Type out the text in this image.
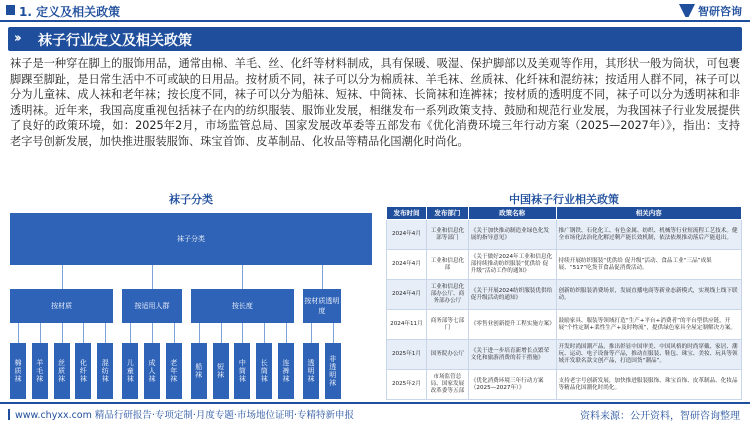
1. 定义及相关政策	智研咨询
›› 袜子行业定义及相关政策
袜子是一种穿在脚上的服饰用品，通常由棉、羊毛、丝、化纤等材料制成，具有保暖、吸湿、保护脚部以及美观等作用，其形状一般为筒状，可包裹脚踝至脚趾，是日常生活中不可或缺的日用品。按材质不同，袜子可以分为棉质袜、羊毛袜、丝质袜、化纤袜和混纺袜；按适用人群不同，袜子可以分为儿童袜、成人袜和老年袜；按长度不同，袜子可以分为船袜、短袜、中筒袜、长筒袜和连裤袜；按材质的透明度不同，袜子可以分为透明袜和非透明袜。近年来，我国高度重视包括袜子在内的纺织服装、服饰业发展，相继发布一系列政策支持、鼓励和规范行业发展，为我国袜子行业发展提供了良好的政策环境，如：2025年2月，市场监管总局、国家发展改革委等五部发布《优化消费环境三年行动方案（2025—2027年）》，指出：支持老字号创新发展，加快推进服装服饰、珠宝首饰、皮革制品、化妆品等精品化国潮化时尚化。
袜子分类	中国袜子行业相关政策
袜子分类
按材质
棉质袜	羊毛袜	丝质袜	化纤袜	混纺袜
按适用人群
儿童袜	成人袜	老年袜
按长度
船袜	短袜	中筒袜	长筒袜	连裤袜
按材质透明度
透明袜	非透明袜
发布时间	发布部门	政策名称	相关内容
2024年4月	工业和信息化部等部门	《关于加快推动制造业绿色化发展的指导意见》	推广钢铁、石化化工、有色金属、纺织、机械等行业短流程工艺技术。健全市场化法治化化解过剩产能长效机制，依法依规推动落后产能退出。
2024年4月	工业和信息化部	《关于做好2024年工业和信息化部持续推动纺织服装“优供给 促升级”活动工作的通知》	持续开展纺织服装“优供给 促升级”活动、食品工业“三品”成果展、“517”吃货节食品促消费活动。
2024年4月	工业和信息化部办公厅、商务部办公厅	《关于开展2024纺织服装优供给促升级活动的通知》	创新纺织服装消费场景，发展直播电商等新业态新模式，实现线上线下联动。
2024年11月	商务部等七部门	《零售业创新提升工程实施方案》	鼓励家具、服装等领域打造“生产+平台+消费者”的平台型供应链，开展“个性定制+柔性生产+及时物流”，提供绿色家具全屋定制解决方案。
2025年1月	国务院办公厅	《关于进一步培育新增长点繁荣文化和旅游消费的若干措施》	开发时尚国潮产品，推出彰显中国审美、中国风格的时尚穿戴、家居、潮玩、运动、电子设备等产品，推动在服装、鞋包、珠宝、美妆、玩具等领域开发联名款文创产品，打造国货“潮品”。
2025年2月	市场监管总局、国家发展改革委等五部	《优化消费环境三年行动方案（2025—2027年）》	支持老字号创新发展，加快推进服装服饰、珠宝首饰、皮革制品、化妆品等精品化国潮化时尚化。
www.chyxx.com 精品行研报告·专项定制·月度专题·市场地位证明·专精特新申报	资料来源：公开资料，智研咨询整理
